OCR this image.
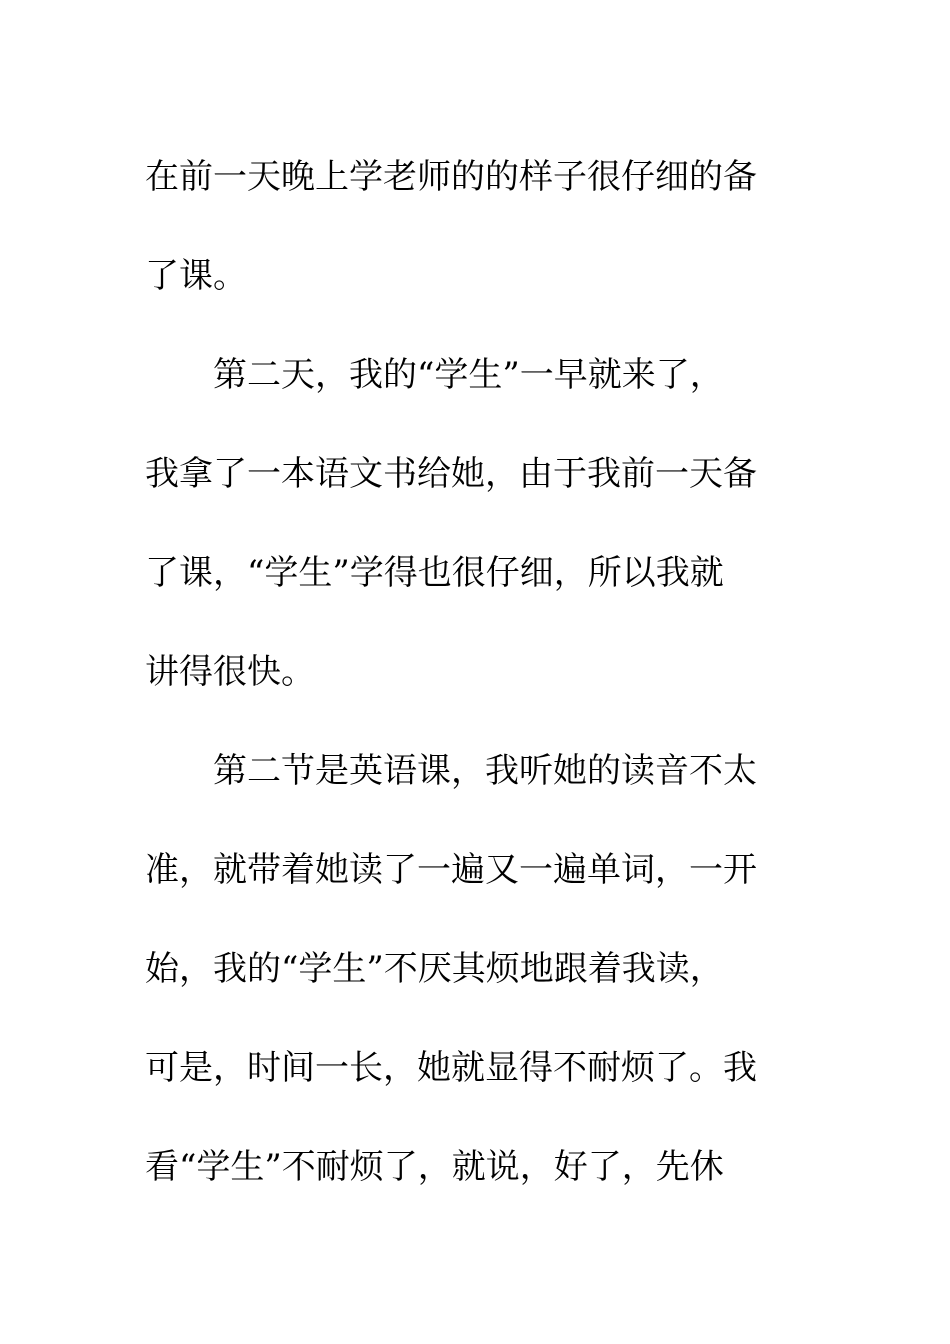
在前一天晚上学老师的的样子很仔细的备
了课。
第二天，我的“学生”一早就来了，
我拿了一本语文书给她，由于我前一天备
了课，“学生”学得也很仔细，所以我就
讲得很快。
第二节是英语课，我听她的读音不太
准，就带着她读了一遍又一遍单词，一开
始，我的“学生”不厌其烦地跟着我读，
可是，时间一长，她就显得不耐烦了。我
看“学生”不耐烦了，就说，好了，先休
